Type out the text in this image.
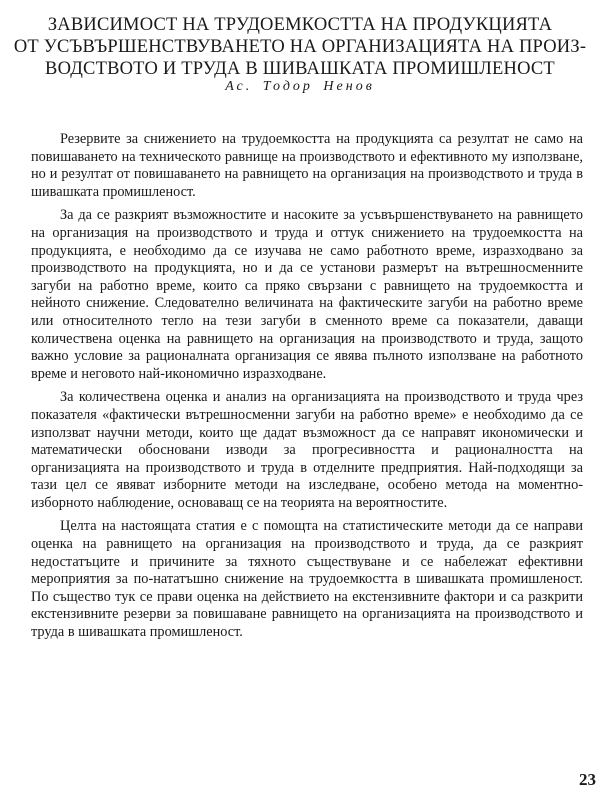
ЗАВИСИМОСТ НА ТРУДОЕМКОСТТА НА ПРОДУКЦИЯТА
ОТ УСЪВЪРШЕНСТВУВАНЕТО НА ОРГАНИЗАЦИЯТА НА ПРОИЗ-
ВОДСТВОТО И ТРУДА В ШИВАШКАТА ПРОМИШЛЕНОСТ
Ас. Тодор Ненов

Резервите за снижението на трудоемкостта на продукцията са резултат не само на повишаването на техническото равнище на производството и ефективното му използване, но и резултат от повишаването на равнището на организация на производството и труда в шивашката промишленост.

За да се разкрият възможностите и насоките за усъвършенствуването на равнището на организация на производството и труда и оттук снижението на трудоемкостта на продукцията, е необходимо да се изучава не само работното време, изразходвано за производството на продукцията, но и да се установи размерът на вътрешносменните загуби на работно време, които са пряко свързани с равнището на трудоемкостта и нейното снижение. Следователно величината на фактическите загуби на работно време или относителното тегло на тези загуби в сменното време са показатели, даващи количествена оценка на равнището на организация на производството и труда, защото важно условие за рационалната организация се явява пълното използване на работното време и неговото най-икономично изразходване.

За количествена оценка и анализ на организацията на производството и труда чрез показателя «фактически вътрешносменни загуби на работно време» е необходимо да се използват научни методи, които ще дадат възможност да се направят икономически и математически обосновани изводи за прогресивността и рационалността на организацията на производството и труда в отделните предприятия. Най-подходящи за тази цел се явяват изборните методи на изследване, особено метода на моментно-изборното наблюдение, основаващ се на теорията на вероятностите.

Целта на настоящата статия е с помощта на статистическите методи да се направи оценка на равнището на организация на производството и труда, да се разкрият недостатъците и причините за тяхното съществуване и се набележат ефективни мероприятия за по-нататъшно снижение на трудоемкостта в шивашката промишленост. По същество тук се прави оценка на действието на екстензивните фактори и са разкрити екстензивните резерви за повишаване равнището на организацията на производството и труда в шивашката промишленост.

23
